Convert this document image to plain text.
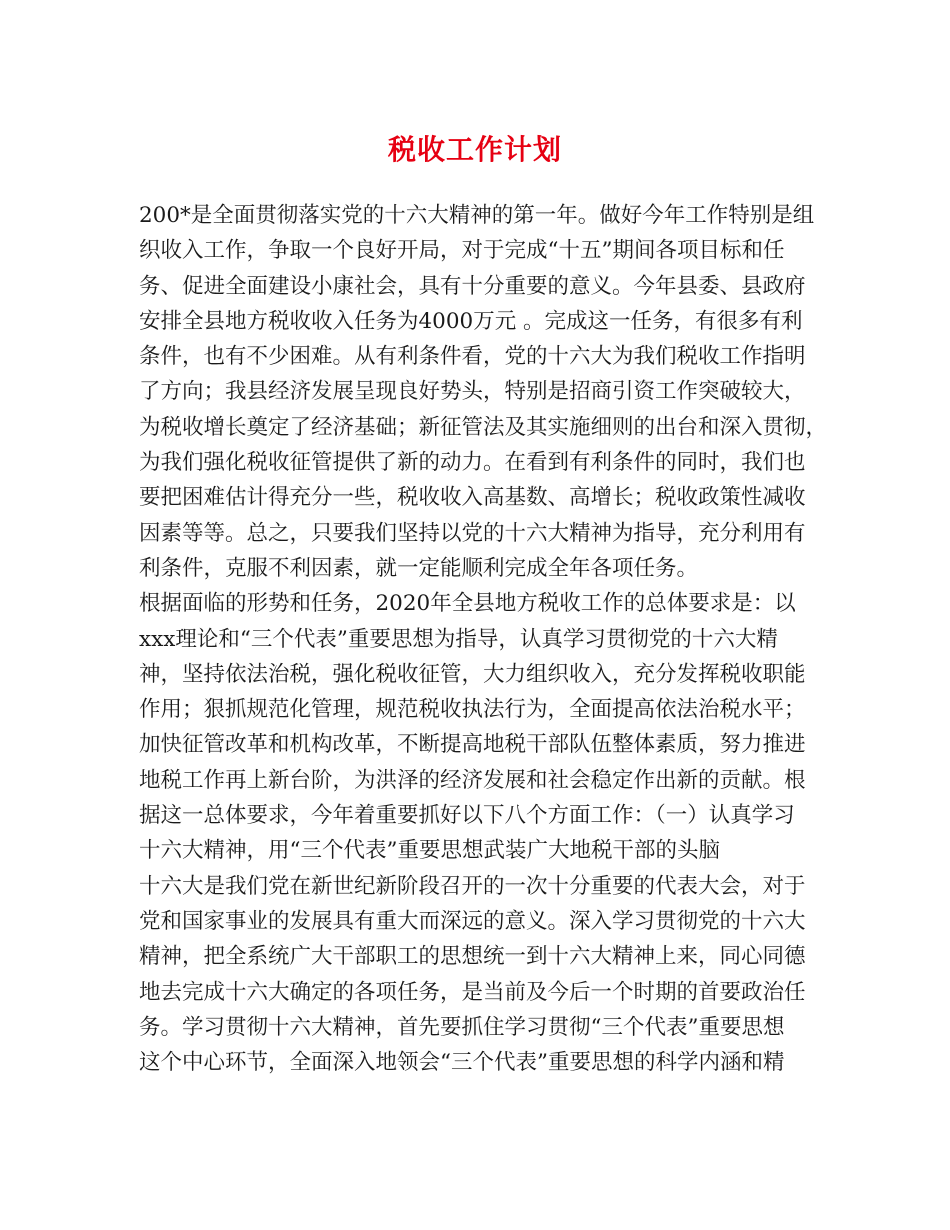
税收工作计划
200*是全面贯彻落实党的十六大精神的第一年。做好今年工作特别是组
织收入工作，争取一个良好开局，对于完成“十五”期间各项目标和任
务、促进全面建设小康社会，具有十分重要的意义。今年县委、县政府
安排全县地方税收收入任务为4000万元 。完成这一任务，有很多有利
条件，也有不少困难。从有利条件看，党的十六大为我们税收工作指明
了方向；我县经济发展呈现良好势头，特别是招商引资工作突破较大，
为税收增长奠定了经济基础；新征管法及其实施细则的出台和深入贯彻，
为我们强化税收征管提供了新的动力。在看到有利条件的同时，我们也
要把困难估计得充分一些，税收收入高基数、高增长；税收政策性减收
因素等等。总之，只要我们坚持以党的十六大精神为指导，充分利用有
利条件，克服不利因素，就一定能顺利完成全年各项任务。
根据面临的形势和任务，2020年全县地方税收工作的总体要求是：以
xxx理论和“三个代表”重要思想为指导，认真学习贯彻党的十六大精
神，坚持依法治税，强化税收征管，大力组织收入，充分发挥税收职能
作用；狠抓规范化管理，规范税收执法行为，全面提高依法治税水平；
加快征管改革和机构改革，不断提高地税干部队伍整体素质，努力推进
地税工作再上新台阶，为洪泽的经济发展和社会稳定作出新的贡献。根
据这一总体要求，今年着重要抓好以下八个方面工作：（一）认真学习
十六大精神，用“三个代表”重要思想武装广大地税干部的头脑
十六大是我们党在新世纪新阶段召开的一次十分重要的代表大会，对于
党和国家事业的发展具有重大而深远的意义。深入学习贯彻党的十六大
精神，把全系统广大干部职工的思想统一到十六大精神上来，同心同德
地去完成十六大确定的各项任务，是当前及今后一个时期的首要政治任
务。学习贯彻十六大精神，首先要抓住学习贯彻“三个代表”重要思想
这个中心环节，全面深入地领会“三个代表”重要思想的科学内涵和精
